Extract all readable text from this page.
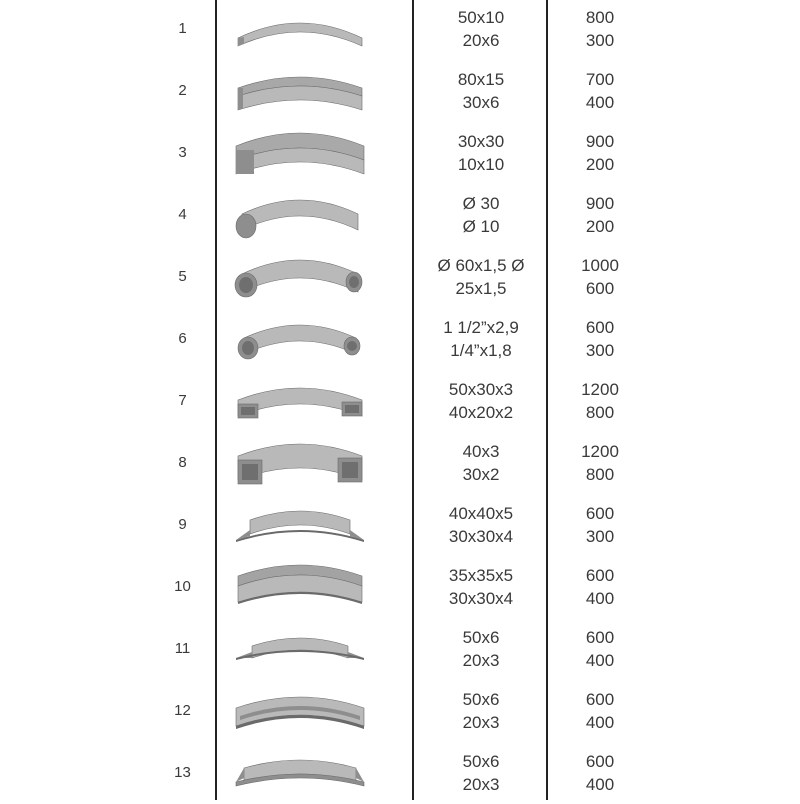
1
50x10
20x6
800
300
2
80x15
30x6
700
400
3
30x30
10x10
900
200
4
Ø 30
Ø 10
900
200
5
Ø 60x1,5 Ø
25x1,5
1000
600
6
1 1/2”x2,9
1/4”x1,8
600
300
7
50x30x3
40x20x2
1200
800
8
40x3
30x2
1200
800
9
40x40x5
30x30x4
600
300
10
35x35x5
30x30x4
600
400
11
50x6
20x3
600
400
12
50x6
20x3
600
400
13
50x6
20x3
600
400
